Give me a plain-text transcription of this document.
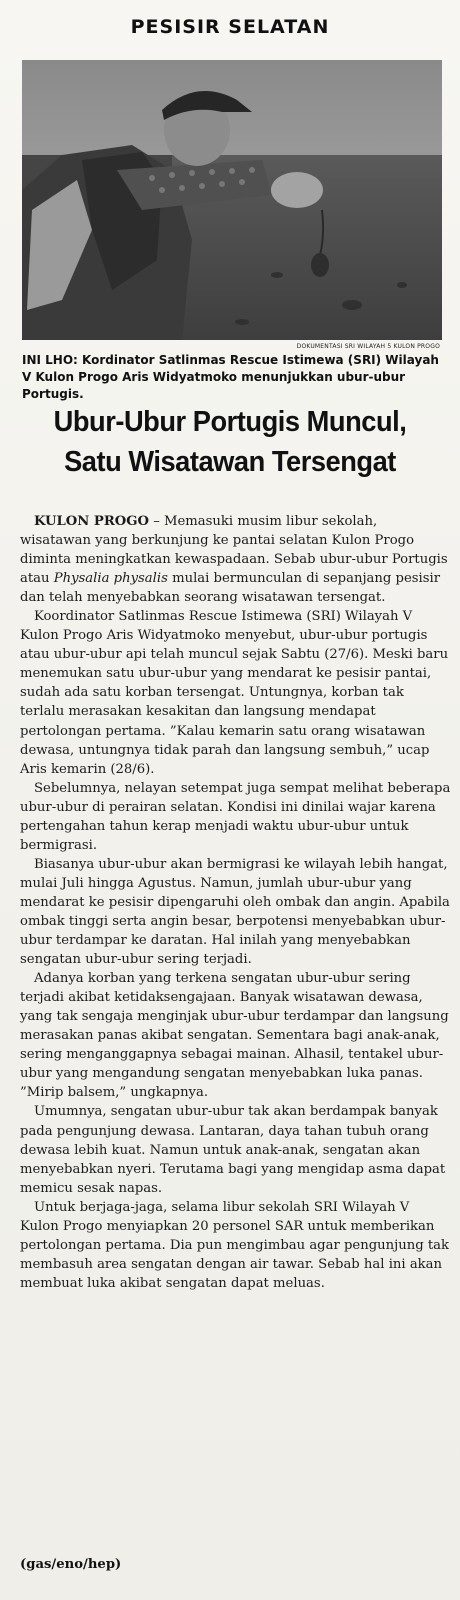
PESISIR SELATAN
DOKUMENTASI SRI WILAYAH 5 KULON PROGO
INI LHO: Kordinator Satlinmas Rescue Istimewa (SRI) Wilayah V Kulon Progo Aris Widyatmoko menunjukkan ubur-ubur Portugis.
Ubur-Ubur Portugis Muncul,
Satu Wisatawan Tersengat

KULON PROGO – Memasuki musim libur sekolah, wisatawan yang berkunjung ke pantai selatan Kulon Progo diminta meningkatkan kewaspadaan. Sebab ubur-ubur Portugis atau Physalia physalis mulai bermunculan di sepanjang pesisir dan telah menyebabkan seorang wisatawan tersengat.

Koordinator Satlinmas Rescue Istimewa (SRI) Wilayah V Kulon Progo Aris Widyatmoko menyebut, ubur-ubur portugis atau ubur-ubur api telah muncul sejak Sabtu (27/6). Meski baru menemukan satu ubur-ubur yang mendarat ke pesisir pantai, sudah ada satu korban tersengat. Untungnya, korban tak terlalu merasakan kesakitan dan langsung mendapat pertolongan pertama. ”Kalau kemarin satu orang wisatawan dewasa, untungnya tidak parah dan langsung sembuh,” ucap Aris kemarin (28/6).

Sebelumnya, nelayan setempat juga sempat melihat beberapa ubur-ubur di perairan selatan. Kondisi ini dinilai wajar karena pertengahan tahun kerap menjadi waktu ubur-ubur untuk bermigrasi.

Biasanya ubur-ubur akan bermigrasi ke wilayah lebih hangat, mulai Juli hingga Agustus. Namun, jumlah ubur-ubur yang mendarat ke pesisir dipengaruhi oleh ombak dan angin. Apabila ombak tinggi serta angin besar, berpotensi menyebabkan ubur-ubur terdampar ke daratan. Hal inilah yang menyebabkan sengatan ubur-ubur sering terjadi.

Adanya korban yang terkena sengatan ubur-ubur sering terjadi akibat ketidaksengajaan. Banyak wisatawan dewasa, yang tak sengaja menginjak ubur-ubur terdampar dan langsung merasakan panas akibat sengatan. Sementara bagi anak-anak, sering menganggapnya sebagai mainan. Alhasil, tentakel ubur-ubur yang mengandung sengatan menyebabkan luka panas. ”Mirip balsem,” ungkapnya.

Umumnya, sengatan ubur-ubur tak akan berdampak banyak pada pengunjung dewasa. Lantaran, daya tahan tubuh orang dewasa lebih kuat. Namun untuk anak-anak, sengatan akan menyebabkan nyeri. Terutama bagi yang mengidap asma dapat memicu sesak napas.

Untuk berjaga-jaga, selama libur sekolah SRI Wilayah V Kulon Progo menyiapkan 20 personel SAR untuk memberikan pertolongan pertama. Dia pun mengimbau agar pengunjung tak membasuh area sengatan dengan air tawar. Sebab hal ini akan membuat luka akibat sengatan dapat meluas.

(gas/eno/hep)
